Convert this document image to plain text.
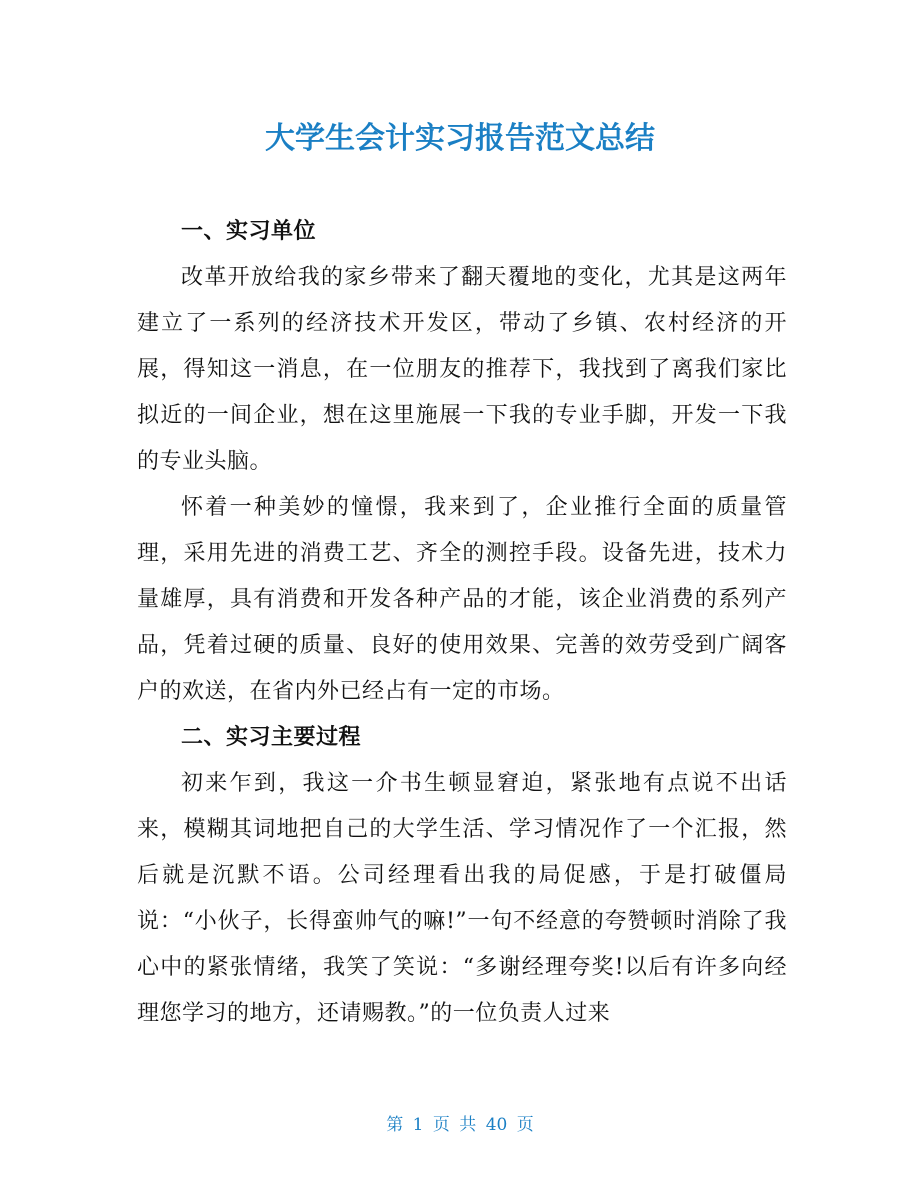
大学生会计实习报告范文总结

一、实习单位

改革开放给我的家乡带来了翻天覆地的变化，尤其是这两年建立了一系列的经济技术开发区，带动了乡镇、农村经济的开展，得知这一消息，在一位朋友的推荐下，我找到了离我们家比拟近的一间企业，想在这里施展一下我的专业手脚，开发一下我的专业头脑。

怀着一种美妙的憧憬，我来到了，企业推行全面的质量管理，采用先进的消费工艺、齐全的测控手段。设备先进，技术力量雄厚，具有消费和开发各种产品的才能，该企业消费的系列产品，凭着过硬的质量、良好的使用效果、完善的效劳受到广阔客户的欢送，在省内外已经占有一定的市场。

二、实习主要过程

初来乍到，我这一介书生顿显窘迫，紧张地有点说不出话来，模糊其词地把自己的大学生活、学习情况作了一个汇报，然后就是沉默不语。公司经理看出我的局促感，于是打破僵局说：“小伙子，长得蛮帅气的嘛!”一句不经意的夸赞顿时消除了我心中的紧张情绪，我笑了笑说：“多谢经理夸奖!以后有许多向经理您学习的地方，还请赐教。”的一位负责人过来

第 1 页 共 40 页
